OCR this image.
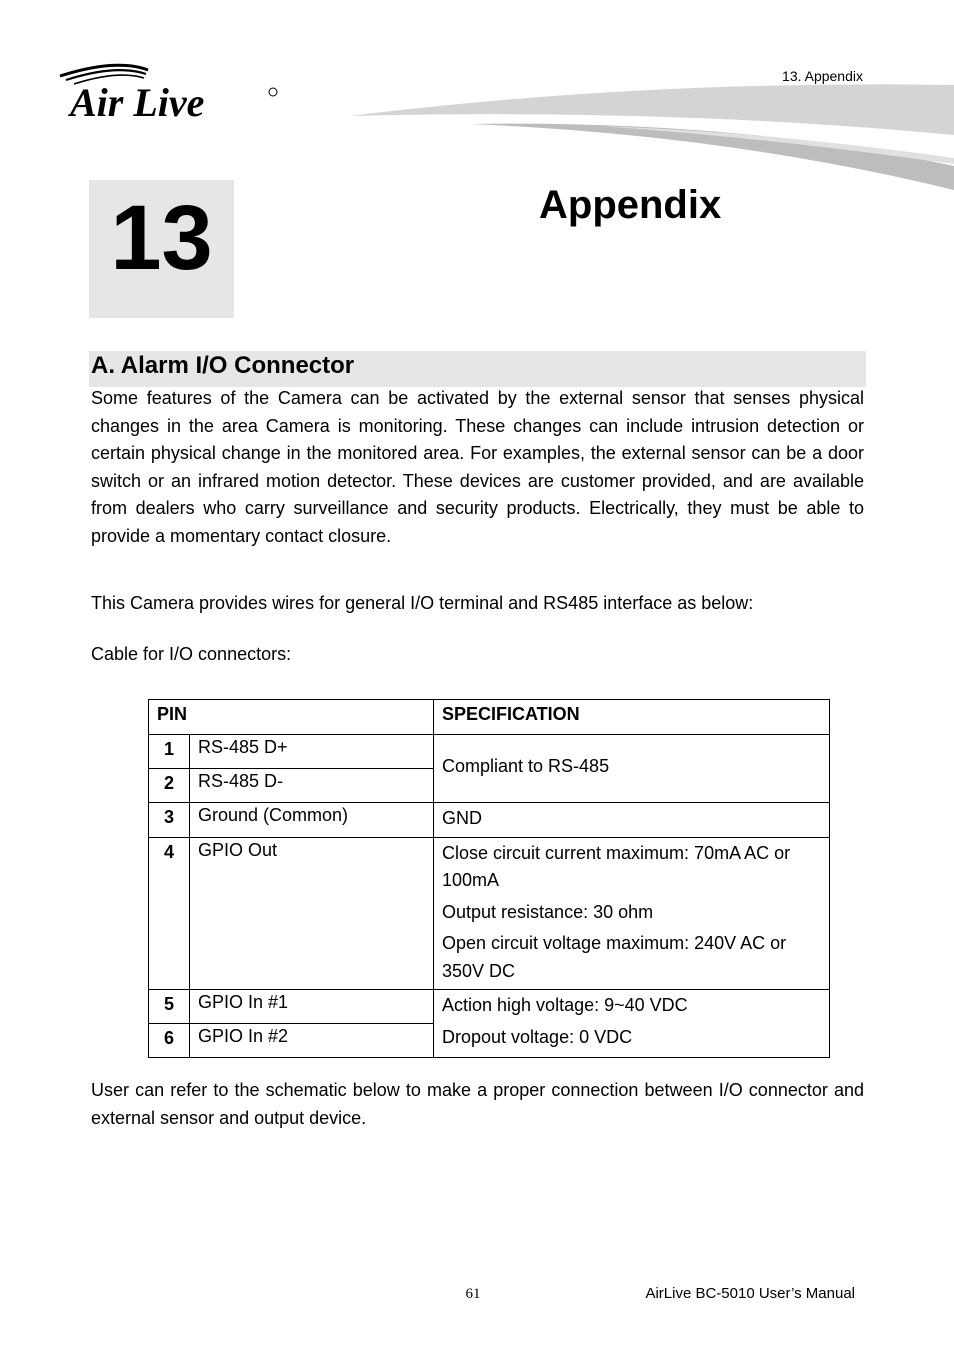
Air Live
13. Appendix
13	Appendix
A. Alarm I/O Connector
Some features of the Camera can be activated by the external sensor that senses physical changes in the area Camera is monitoring. These changes can include intrusion detection or certain physical change in the monitored area. For examples, the external sensor can be a door switch or an infrared motion detector. These devices are customer provided, and are available from dealers who carry surveillance and security products. Electrically, they must be able to provide a momentary contact closure.
This Camera provides wires for general I/O terminal and RS485 interface as below:
Cable for I/O connectors:
PIN		SPECIFICATION
1	RS-485 D+	Compliant to RS-485

2	RS-485 D-	
3	Ground (Common)	GND

4	GPIO Out	Close circuit current maximum: 70mA AC or 100mA

Output resistance: 30 ohm

Open circuit voltage maximum: 240V AC or 350V DC

5	GPIO In #1	Action high voltage: 9~40 VDC

Dropout voltage: 0 VDC

6	GPIO In #2	
User can refer to the schematic below to make a proper connection between I/O connector and external sensor and output device.
61	AirLive BC-5010 User’s Manual
